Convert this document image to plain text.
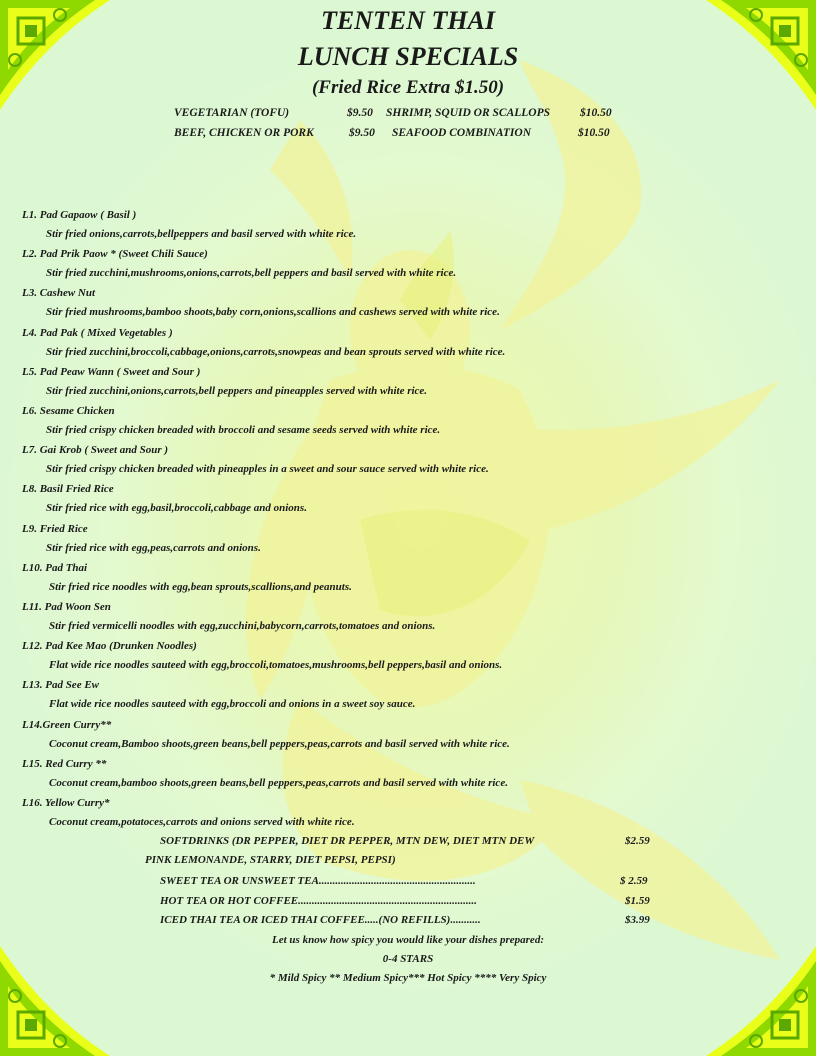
TENTEN THAI
LUNCH SPECIALS
(Fried Rice Extra $1.50)
VEGETARIAN (TOFU)	$9.50 SHRIMP, SQUID OR SCALLOPS	$10.50
BEEF, CHICKEN OR PORK	$9.50 SEAFOOD COMBINATION	$10.50
L1. Pad Gapaow ( Basil )
Stir fried onions,carrots,bellpeppers and basil served with white rice.
L2. Pad Prik Paow * (Sweet Chili Sauce)
Stir fried zucchini,mushrooms,onions,carrots,bell peppers and basil served with white rice.
L3. Cashew Nut
Stir fried mushrooms,bamboo shoots,baby corn,onions,scallions and cashews served with white rice.
L4. Pad Pak ( Mixed Vegetables )
Stir fried zucchini,broccoli,cabbage,onions,carrots,snowpeas and bean sprouts served with white rice.
L5. Pad Peaw Wann ( Sweet and Sour )
Stir fried zucchini,onions,carrots,bell peppers and pineapples served with white rice.
L6. Sesame Chicken
Stir fried crispy chicken breaded with broccoli and sesame seeds served with white rice.
L7. Gai Krob ( Sweet and Sour )
Stir fried crispy chicken breaded with pineapples in a sweet and sour sauce served with white rice.
L8. Basil Fried Rice
Stir fried rice with egg,basil,broccoli,cabbage and onions.
L9. Fried Rice
Stir fried rice with egg,peas,carrots and onions.
L10. Pad Thai
Stir fried rice noodles with egg,bean sprouts,scallions,and peanuts.
L11. Pad Woon Sen
Stir fried vermicelli noodles with egg,zucchini,babycorn,carrots,tomatoes and onions.
L12. Pad Kee Mao (Drunken Noodles)
Flat wide rice noodles sauteed with egg,broccoli,tomatoes,mushrooms,bell peppers,basil and onions.
L13. Pad See Ew
Flat wide rice noodles sauteed with egg,broccoli and onions in a sweet soy sauce.
L14.Green Curry**
Coconut cream,Bamboo shoots,green beans,bell peppers,peas,carrots and basil served with white rice.
L15. Red Curry **
Coconut cream,bamboo shoots,green beans,bell peppers,peas,carrots and basil served with white rice.
L16. Yellow Curry*
Coconut cream,potatoces,carrots and onions served with white rice.
SOFTDRINKS (DR PEPPER, DIET DR PEPPER, MTN DEW, DIET MTN DEW	$2.59
PINK LEMONANDE, STARRY, DIET PEPSI, PEPSI)
SWEET TEA OR UNSWEET TEA.........................................................	$ 2.59
HOT TEA OR HOT COFFEE.................................................................	$1.59
ICED THAI TEA OR ICED THAI COFFEE.....(NO REFILLS)...........	$3.99
Let us know how spicy you would like your dishes prepared:
0-4 STARS
* Mild Spicy ** Medium Spicy*** Hot Spicy **** Very Spicy
